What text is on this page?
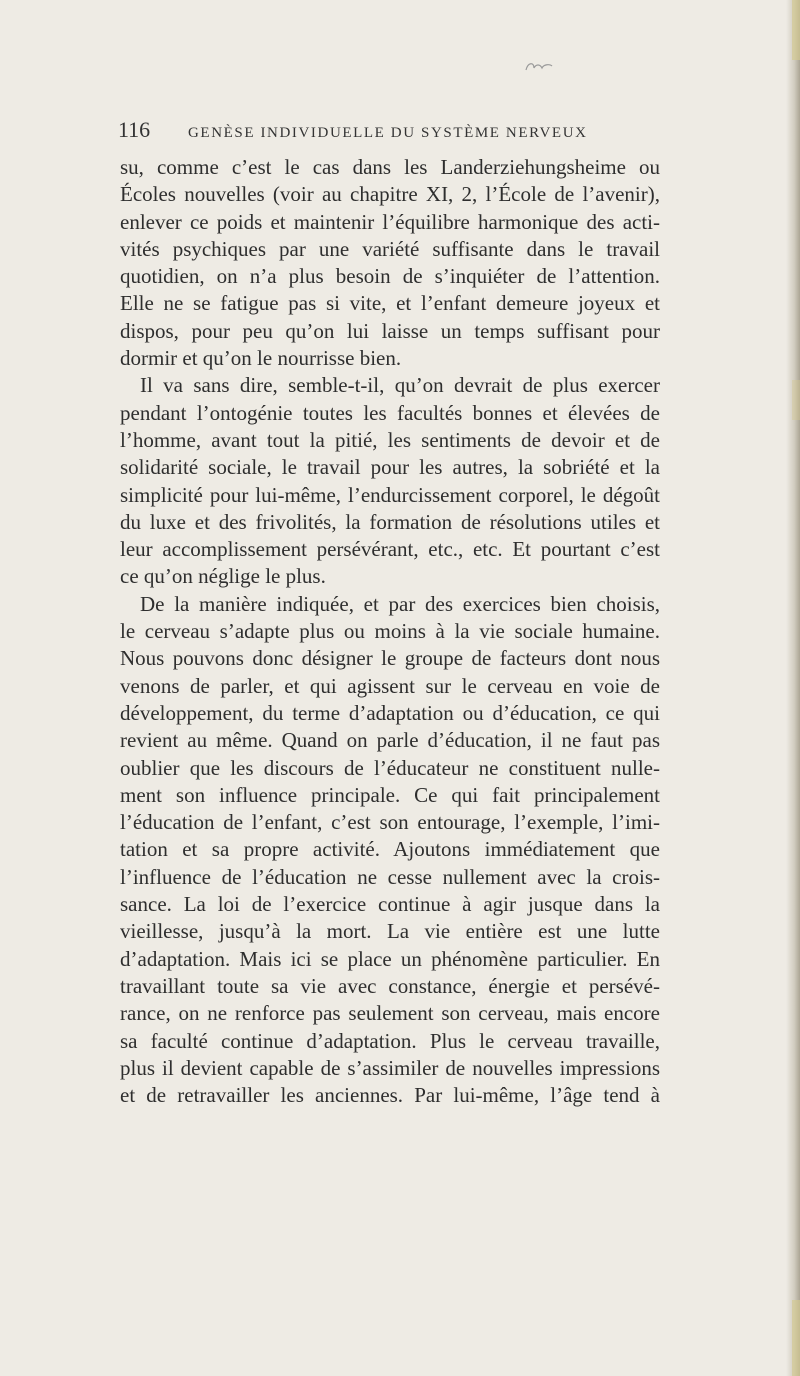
116	GENÈSE INDIVIDUELLE DU SYSTÈME NERVEUX
su, comme c’est le cas dans les Landerziehungsheime ou
Écoles nouvelles (voir au chapitre XI, 2, l’École de l’avenir),
enlever ce poids et maintenir l’équilibre harmonique des acti-
vités psychiques par une variété suffisante dans le travail
quotidien, on n’a plus besoin de s’inquiéter de l’attention.
Elle ne se fatigue pas si vite, et l’enfant demeure joyeux et
dispos, pour peu qu’on lui laisse un temps suffisant pour
dormir et qu’on le nourrisse bien.
Il va sans dire, semble-t-il, qu’on devrait de plus exercer
pendant l’ontogénie toutes les facultés bonnes et élevées de
l’homme, avant tout la pitié, les sentiments de devoir et de
solidarité sociale, le travail pour les autres, la sobriété et la
simplicité pour lui-même, l’endurcissement corporel, le dégoût
du luxe et des frivolités, la formation de résolutions utiles et
leur accomplissement persévérant, etc., etc. Et pourtant c’est
ce qu’on néglige le plus.
De la manière indiquée, et par des exercices bien choisis,
le cerveau s’adapte plus ou moins à la vie sociale humaine.
Nous pouvons donc désigner le groupe de facteurs dont nous
venons de parler, et qui agissent sur le cerveau en voie de
développement, du terme d’adaptation ou d’éducation, ce qui
revient au même. Quand on parle d’éducation, il ne faut pas
oublier que les discours de l’éducateur ne constituent nulle-
ment son influence principale. Ce qui fait principalement
l’éducation de l’enfant, c’est son entourage, l’exemple, l’imi-
tation et sa propre activité. Ajoutons immédiatement que
l’influence de l’éducation ne cesse nullement avec la crois-
sance. La loi de l’exercice continue à agir jusque dans la
vieillesse, jusqu’à la mort. La vie entière est une lutte
d’adaptation. Mais ici se place un phénomène particulier. En
travaillant toute sa vie avec constance, énergie et persévé-
rance, on ne renforce pas seulement son cerveau, mais encore
sa faculté continue d’adaptation. Plus le cerveau travaille,
plus il devient capable de s’assimiler de nouvelles impressions
et de retravailler les anciennes. Par lui-même, l’âge tend à
